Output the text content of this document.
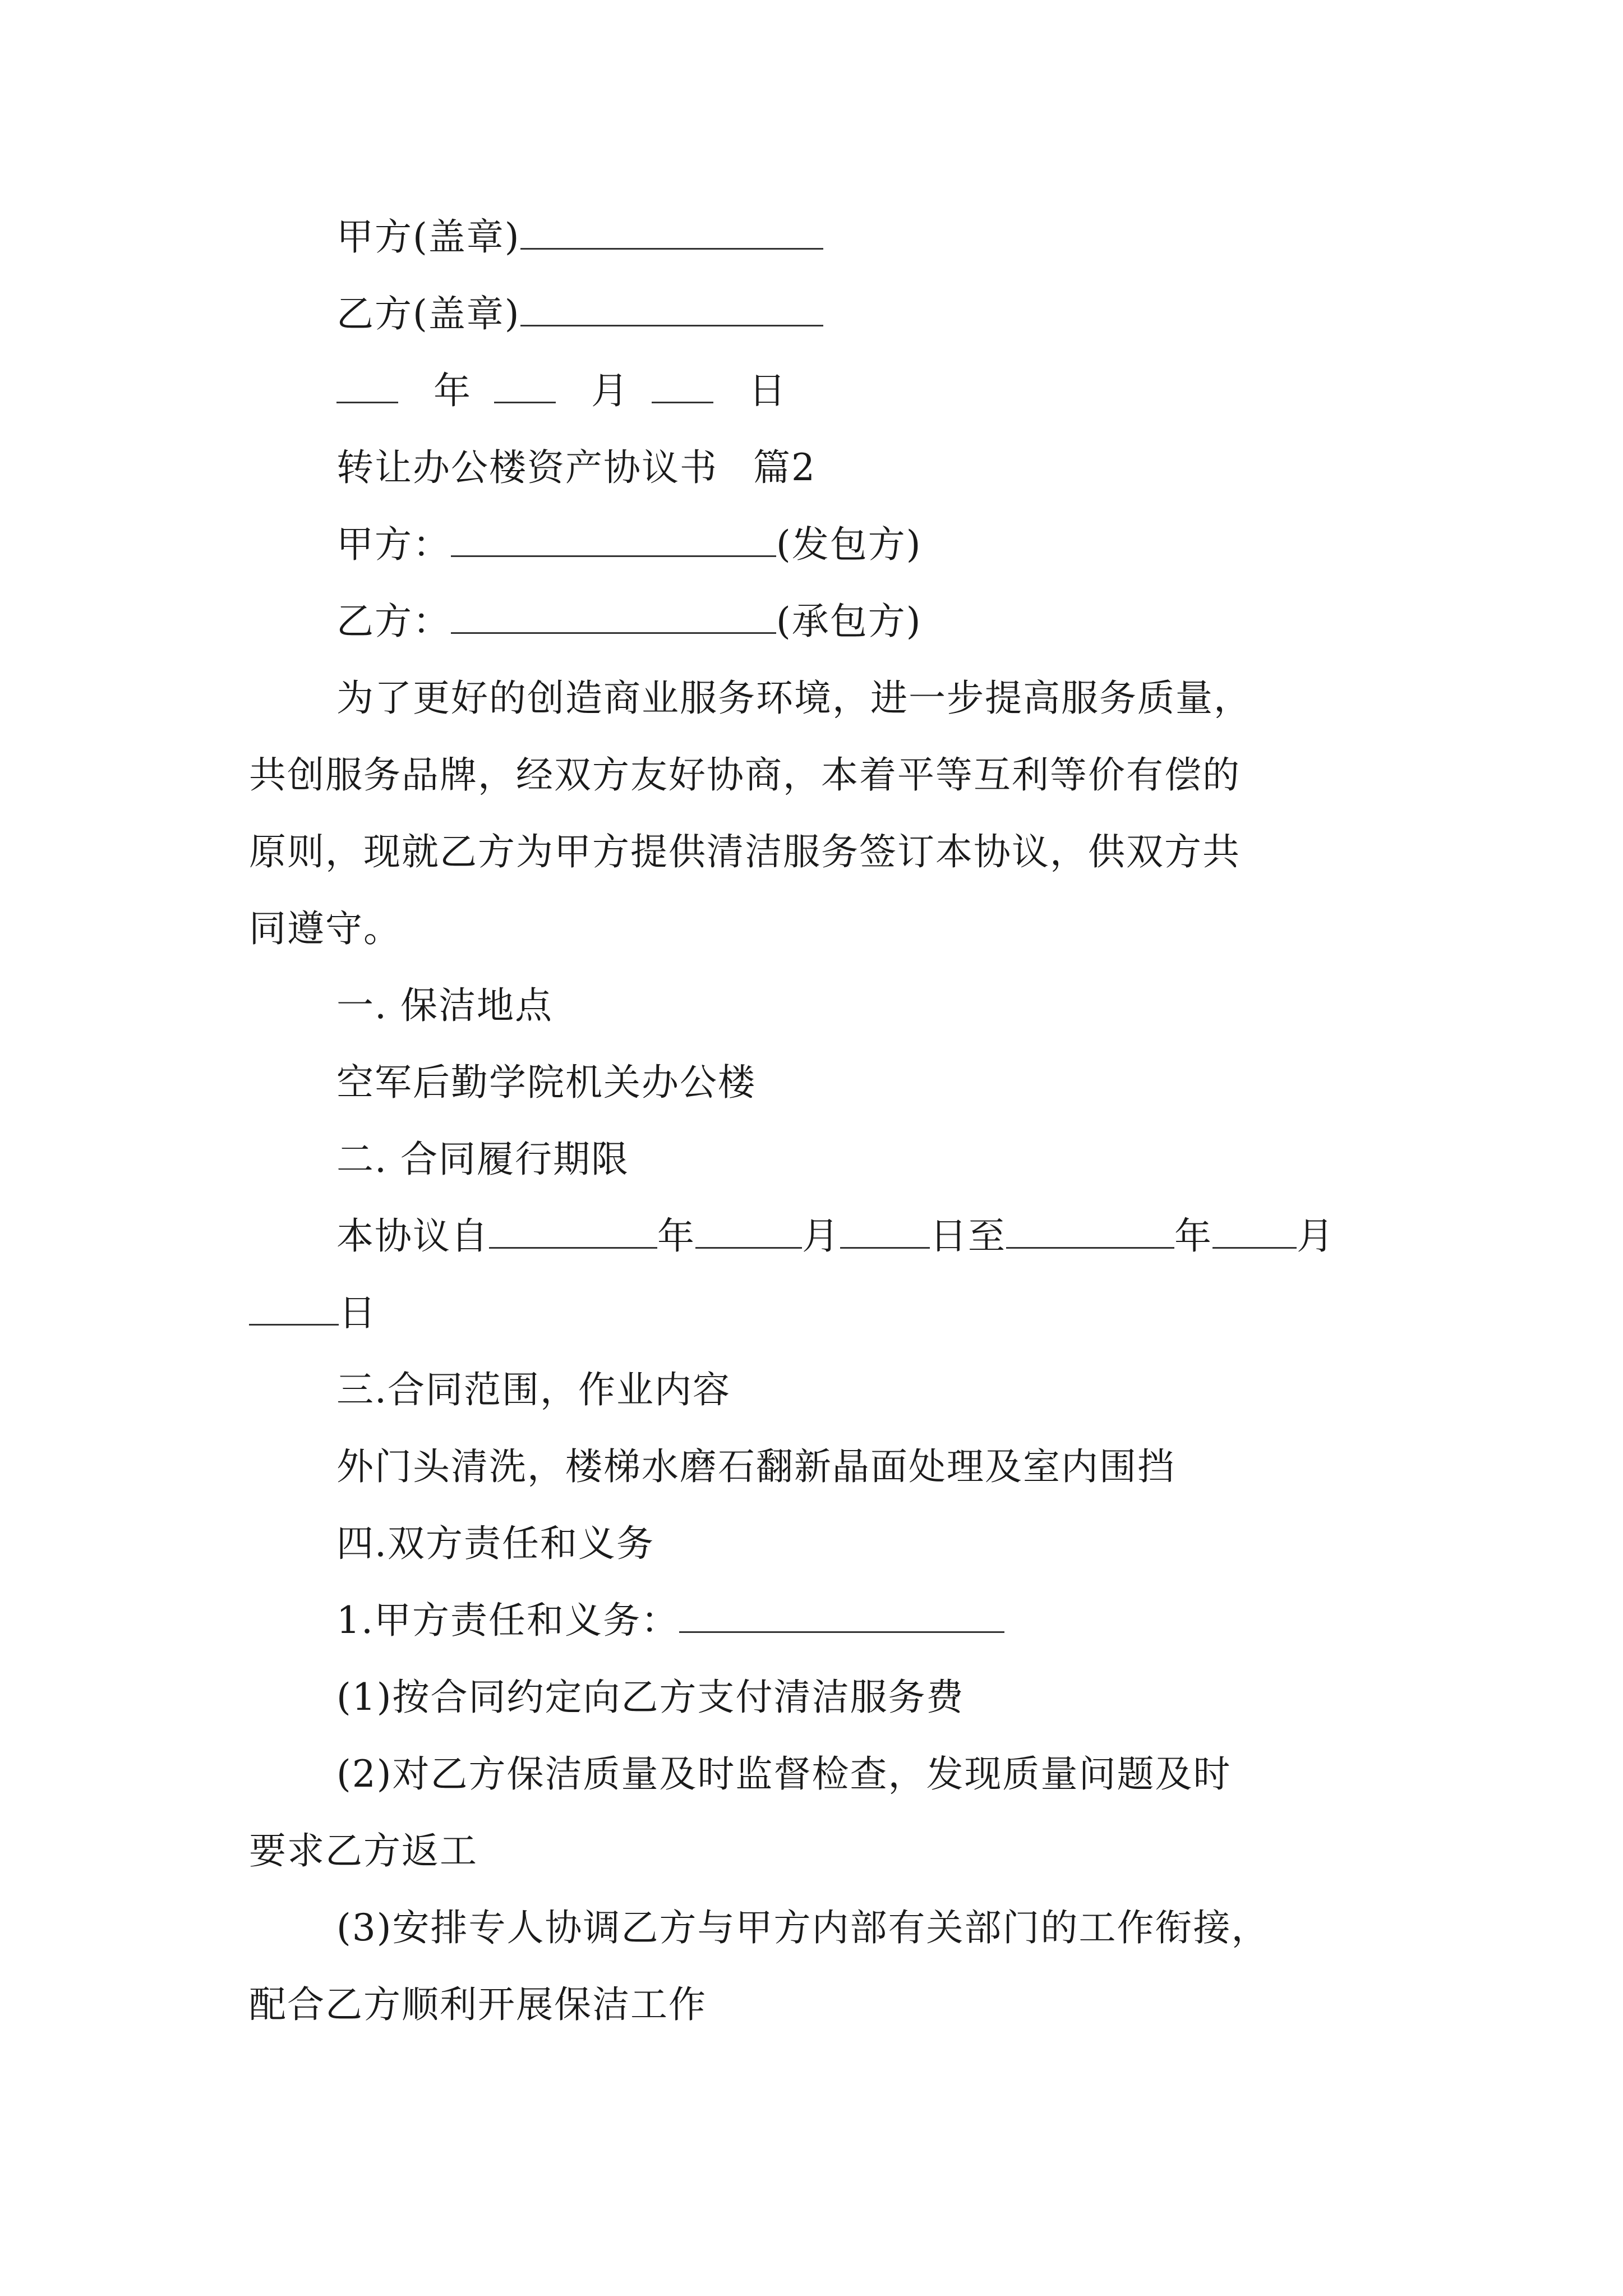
甲方(盖章)
乙方(盖章)
年	月	日
转让办公楼资产协议书 篇2
甲方：	(发包方)
乙方：	(承包方)
为了更好的创造商业服务环境，进一步提高服务质量，
共创服务品牌，经双方友好协商，本着平等互利等价有偿的
原则，现就乙方为甲方提供清洁服务签订本协议，供双方共
同遵守。
一. 保洁地点
空军后勤学院机关办公楼
二. 合同履行期限
本协议自	年	月 日至	年 月
日
三.合同范围，作业内容
外门头清洗，楼梯水磨石翻新晶面处理及室内围挡
四.双方责任和义务
1.甲方责任和义务：
(1)按合同约定向乙方支付清洁服务费
(2)对乙方保洁质量及时监督检查，发现质量问题及时
要求乙方返工
(3)安排专人协调乙方与甲方内部有关部门的工作衔接，
配合乙方顺利开展保洁工作
